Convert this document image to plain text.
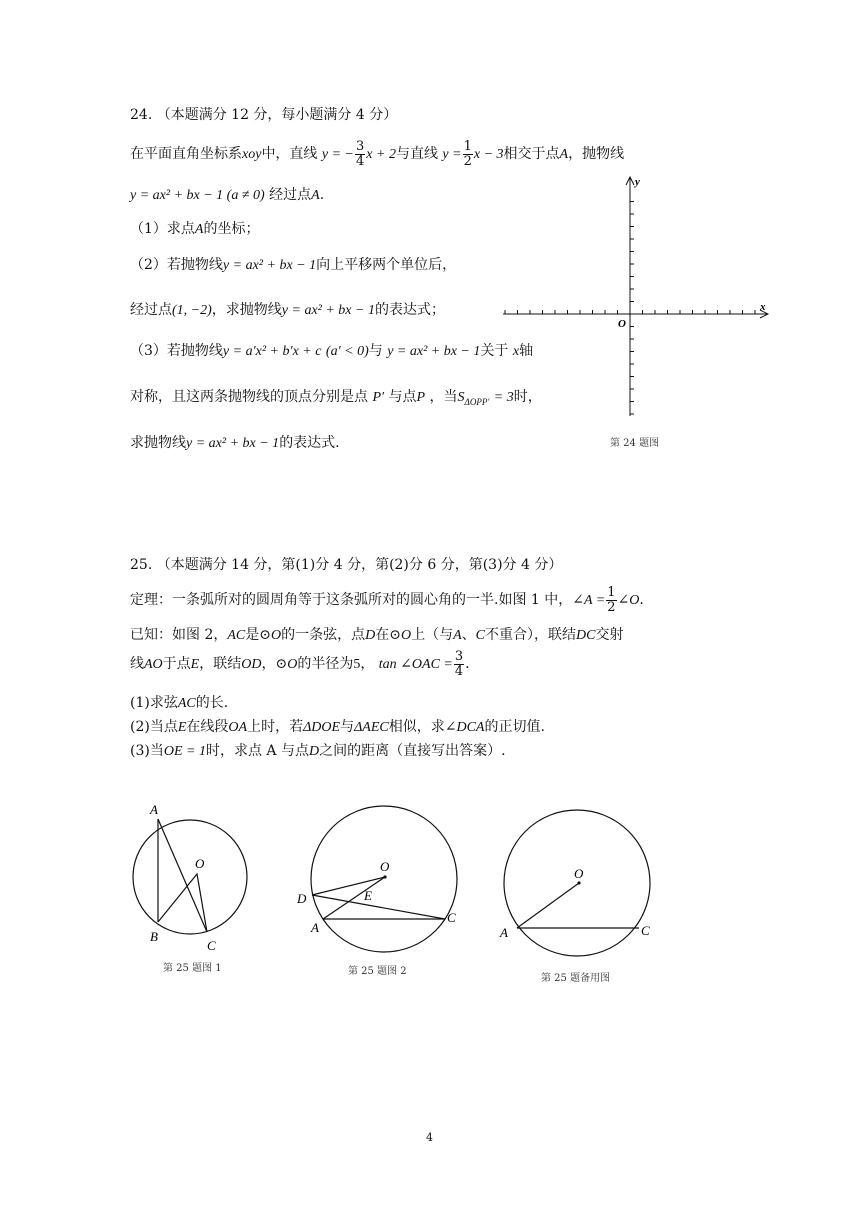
24. （本题满分 12 分，每小题满分 4 分）
在平面直角坐标系xoy中，直线 y = − $\frac{3}{4}$ x + 2与直线 $y = \frac{1}{2}$ x − 3相交于点A，抛物线
y = ax² + bx − 1 (a ≠ 0) 经过点A.
（1）求点A的坐标；
（2）若抛物线y = ax² + bx − 1向上平移两个单位后，
经过点(1, −2)，求抛物线y = ax² + bx − 1的表达式；
（3）若抛物线y = a′x² + b′x + c (a′ < 0)与 y = ax² + bx − 1关于 x轴
对称，且这两条抛物线的顶点分别是点 P′ 与点P ，当$S_{\Delta OPP'} = 3$时，
求抛物线y = ax² + bx − 1的表达式.
x
y
O
第 24 题图
25. （本题满分 14 分，第(1)分 4 分，第(2)分 6 分，第(3)分 4 分）
定理：一条弧所对的圆周角等于这条弧所对的圆心角的一半.如图 1 中，∠A = $\frac{1}{2}$ ∠O.
已知：如图 2，AC是⊙O的一条弦，点D在⊙O上（与A、C不重合），联结DC交射
线AO于点E，联结OD，⊙O的半径为5， tan ∠OAC = $\frac{3}{4}$ .
(1)求弦AC的长.
(2)当点E在线段OA上时，若ΔDOE与ΔAEC相似，求∠DCA的正切值.
(3)当OE = 1时，求点 A 与点D之间的距离（直接写出答案）.
A
B
C
O
第 25 题图 1
O
E
D
A
C
第 25 题图 2
O
A	C
第 25 题备用图
4
